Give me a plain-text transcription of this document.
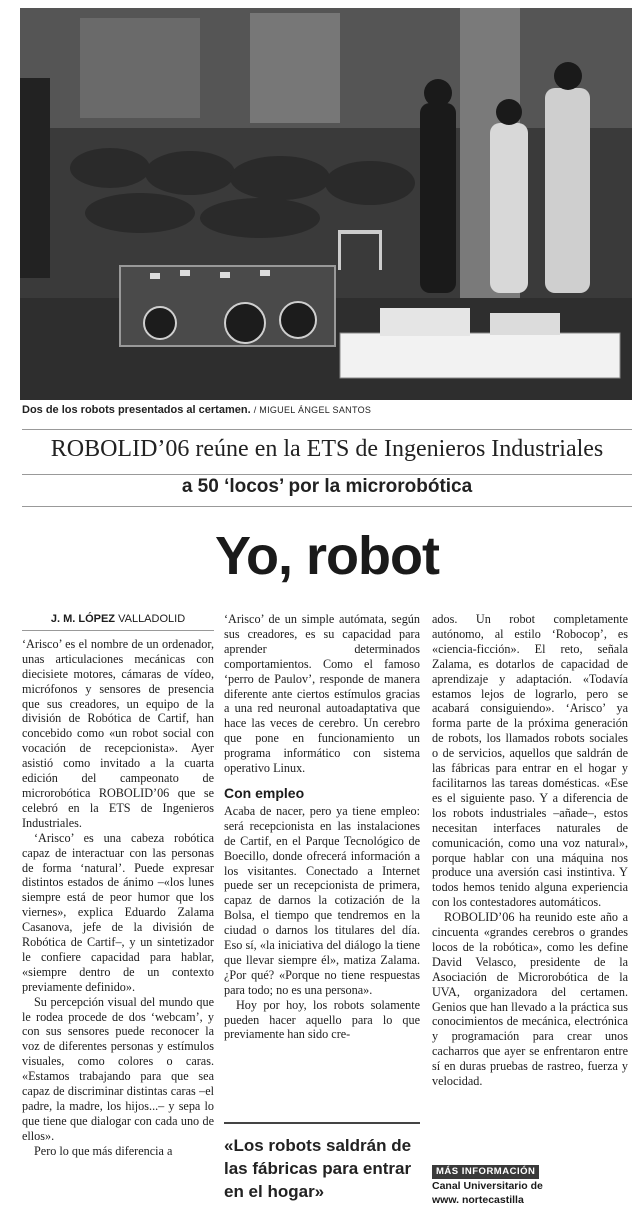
Dos de los robots presentados al certamen. / MIGUEL ÁNGEL SANTOS
ROBOLID’06 reúne en la ETS de Ingenieros Industriales
a 50 ‘locos’ por la microrobótica
Yo, robot
J. M. LÓPEZ VALLADOLID

‘Arisco’ es el nombre de un ordenador, unas articulaciones mecánicas con diecisiete motores, cámaras de vídeo, micrófonos y sensores de presencia que sus creadores, un equipo de la división de Robótica de Cartif, han concebido como «un robot social con vocación de recepcionista». Ayer asistió como invitado a la cuarta edición del campeonato de microrobótica ROBOLID’06 que se celebró en la ETS de Ingenieros Industriales.

‘Arisco’ es una cabeza robótica capaz de interactuar con las personas de forma ‘natural’. Puede expresar distintos estados de ánimo –«los lunes siempre está de peor humor que los viernes», explica Eduardo Zalama Casanova, jefe de la división de Robótica de Cartif–, y un sintetizador le confiere capacidad para hablar, «siempre dentro de un contexto previamente definido».

Su percepción visual del mundo que le rodea procede de dos ‘webcam’, y con sus sensores puede reconocer la voz de diferentes personas y estímulos visuales, como colores o caras. «Estamos trabajando para que sea capaz de discriminar distintas caras –el padre, la madre, los hijos...– y sepa lo que tiene que dialogar con cada uno de ellos».

Pero lo que más diferencia a

‘Arisco’ de un simple autómata, según sus creadores, es su capacidad para aprender determinados comportamientos. Como el famoso ‘perro de Paulov’, responde de manera diferente ante ciertos estímulos gracias a una red neuronal autoadaptativa que hace las veces de cerebro. Un cerebro que pone en funcionamiento un programa informático con sistema operativo Linux.

Con empleo

Acaba de nacer, pero ya tiene empleo: será recepcionista en las instalaciones de Cartif, en el Parque Tecnológico de Boecillo, donde ofrecerá información a los visitantes. Conectado a Internet puede ser un recepcionista de primera, capaz de darnos la cotización de la Bolsa, el tiempo que tendremos en la ciudad o darnos los titulares del día. Eso sí, «la iniciativa del diálogo la tiene que llevar siempre él», matiza Zalama. ¿Por qué? «Porque no tiene respuestas para todo; no es una persona».

Hoy por hoy, los robots solamente pueden hacer aquello para lo que previamente han sido cre-

«Los robots saldrán de las fábricas para entrar en el hogar»

ados. Un robot completamente autónomo, al estilo ‘Robocop’, es «ciencia-ficción». El reto, señala Zalama, es dotarlos de capacidad de aprendizaje y adaptación. «Todavía estamos lejos de lograrlo, pero se acabará consiguiendo». ‘Arisco’ ya forma parte de la próxima generación de robots, los llamados robots sociales o de servicios, aquellos que saldrán de las fábricas para entrar en el hogar y facilitarnos las tareas domésticas. «Ese es el siguiente paso. Y a diferencia de los robots industriales –añade–, estos necesitan interfaces naturales de comunicación, como una voz natural», porque hablar con una máquina nos produce una aversión casi instintiva. Y todos hemos tenido alguna experiencia con los contestadores automáticos.

ROBOLID’06 ha reunido este año a cincuenta «grandes cerebros o grandes locos de la robótica», como les define David Velasco, presidente de la Asociación de Microrobótica de la UVA, organizadora del certamen. Genios que han llevado a la práctica sus conocimientos de mecánica, electrónica y programación para crear unos cacharros que ayer se enfrentaron entre sí en duras pruebas de rastreo, fuerza y velocidad.

MÁS INFORMACIÓN
Canal Universitario de
www. nortecastilla
